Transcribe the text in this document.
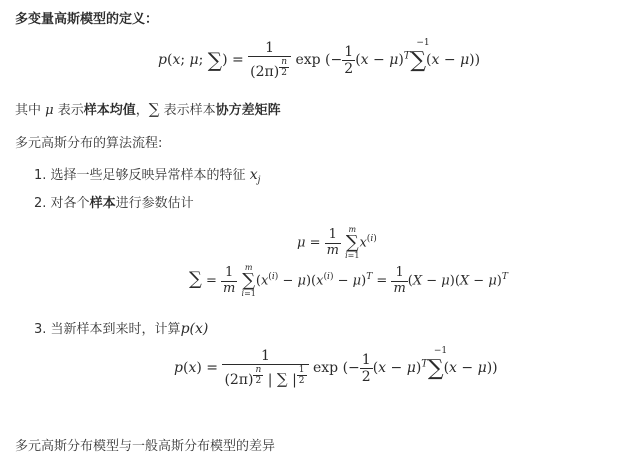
多变量高斯模型的定义：
p(x; μ; ∑) = 1
(2π) $^{\frac{n}{2}}$ exp (− $\frac{1}{2} (x - \mu)^T$
−1
∑(x − μ))
其中 μ 表示样本均值，∑ 表示样本协方差矩阵
多元高斯分布的算法流程:
1. 选择一些足够反映异常样本的特征 $x_j$
2. 对各个样本进行参数估计
$\mu = \frac{1}{m}$
m
∑
i=1
$x^{(i)}$
∑ = $\frac{1}{m}$
m
∑
i=1
$(x^{(i)} - \mu)(x^{(i)} - \mu)^T = \frac{1}{m} (X - \mu)(X - \mu)^T$
3. 当新样本到来时，计算p(x)
p(x) = 1
(2π) $^{\frac{n}{2}}$ | ∑ | $^{\frac{1}{2}}$ exp (− $\frac{1}{2} (x - \mu)^T$
−1
∑(x − μ))
多元高斯分布模型与一般高斯分布模型的差异
